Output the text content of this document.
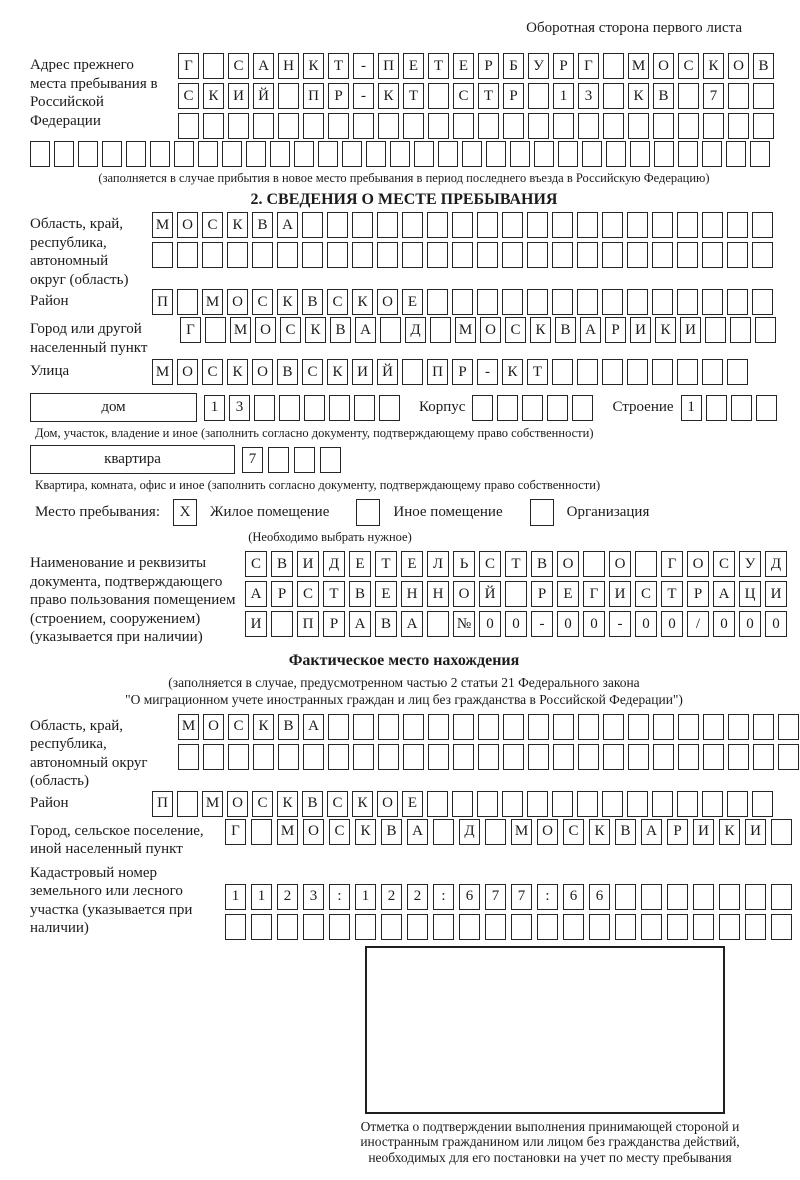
Оборотная сторона первого листа
Адрес прежнего места пребывания в Российской Федерации
Г	С А Н К	Т	-	П Е	Т	Е	Р	Б	У	Р	Г	М О С К О В
С К И Й	П	Р	-	К	Т	С	Т	Р	1	3	К В	7
(заполняется в случае прибытия в новое место пребывания в период последнего въезда в Российскую Федерацию)
2. СВЕДЕНИЯ О МЕСТЕ ПРЕБЫВАНИЯ
Область, край, республика, автономный округ (область)
М О С К В А
Район	П	М О С К В С К О Е
Город или другой населенный пункт
Г	М О С К В А	Д	М О С К В А	Р	И К И
Улица	М О С К О В С К И Й	П	Р	-	К	Т
дом	1	3	Корпус	Строение 1
Дом, участок, владение и иное (заполнить согласно документу, подтверждающему право собственности)
квартира	7
Квартира, комната, офис и иное (заполнить согласно документу, подтверждающему право собственности)
Место пребывания:	X	Жилое помещение	Иное помещение	Организация
(Необходимо выбрать нужное)
Наименование и реквизиты документа, подтверждающего право пользования помещением (строением, сооружением) (указывается при наличии)
С	В	И	Д	Е	Т	Е	Л	Ь	С	Т	В	О	О	Г	О	С	У	Д
А	Р	С	Т	В	Е	Н	Н	О	Й	Р	Е	Г	И	С	Т	Р	А	Ц	И
И	П	Р	А	В	А	№	0	0	-	0	0	-	0	0	/	0	0	0
Фактическое место нахождения
(заполняется в случае, предусмотренном частью 2 статьи 21 Федерального закона
"О миграционном учете иностранных граждан и лиц без гражданства в Российской Федерации")
Область, край, республика, автономный округ (область)
М О С К В А
Район	П	М О С К В С К О Е
Город, сельское поселение, иной населенный пункт
Г	М О	С	К	В	А	Д	М О	С	К	В	А	Р	И	К	И
Кадастровый номер земельного или лесного участка (указывается при наличии)
1	1	2	3	:	1	2	2	:	6	7	7	:	6	6
Отметка о подтверждении выполнения принимающей стороной и иностранным гражданином или лицом без гражданства действий, необходимых для его постановки на учет по месту пребывания
